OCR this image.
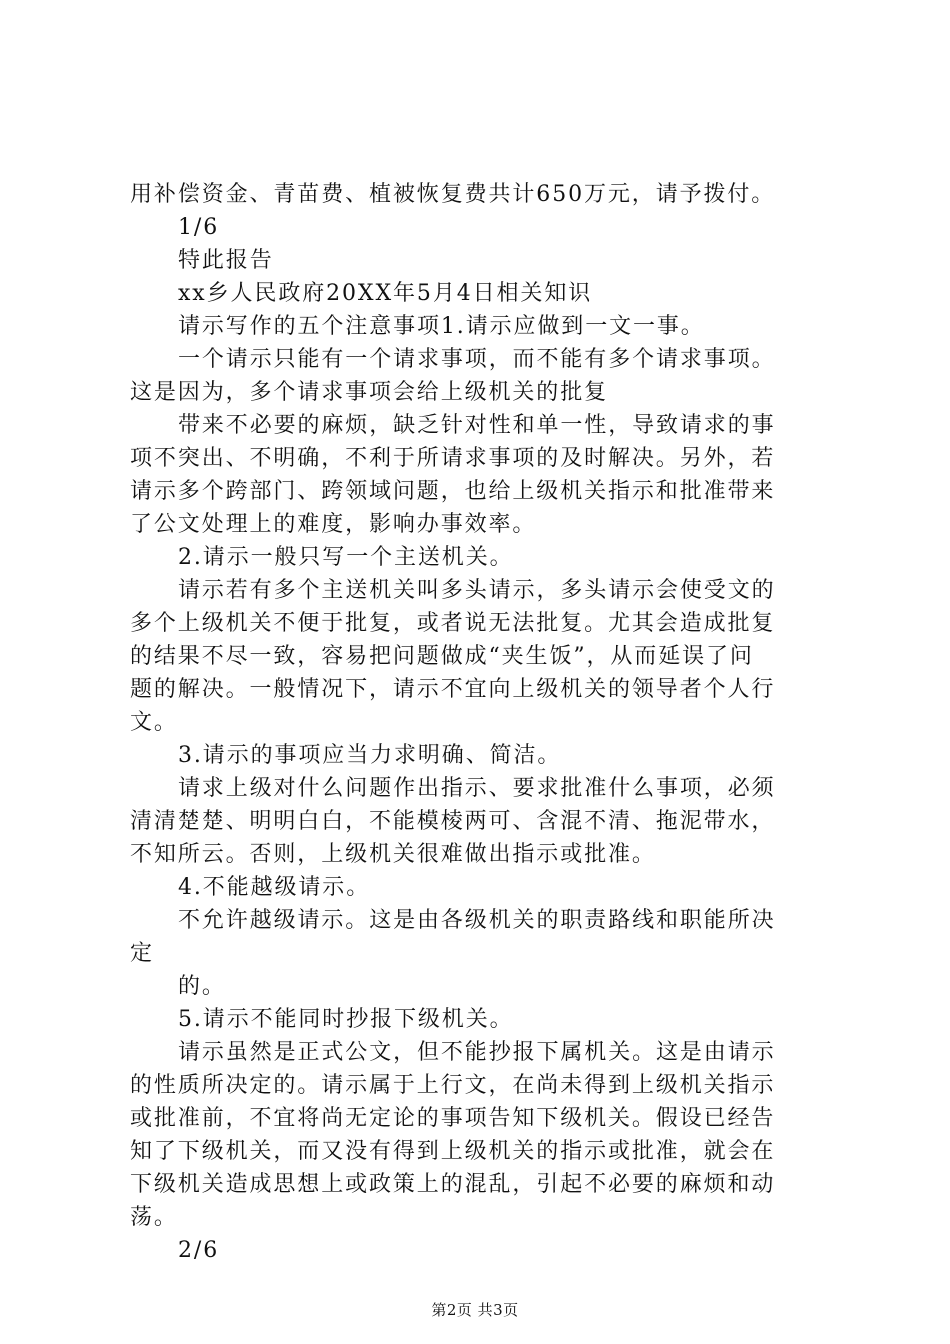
用补偿资金、青苗费、植被恢复费共计650万元，请予拨付。
1/6
特此报告
xx乡人民政府20XX年5月4日相关知识
请示写作的五个注意事项1.请示应做到一文一事。
一个请示只能有一个请求事项，而不能有多个请求事项。
这是因为，多个请求事项会给上级机关的批复
带来不必要的麻烦，缺乏针对性和单一性，导致请求的事
项不突出、不明确，不利于所请求事项的及时解决。另外，若
请示多个跨部门、跨领域问题，也给上级机关指示和批准带来
了公文处理上的难度，影响办事效率。
2.请示一般只写一个主送机关。
请示若有多个主送机关叫多头请示，多头请示会使受文的
多个上级机关不便于批复，或者说无法批复。尤其会造成批复
的结果不尽一致，容易把问题做成“夹生饭”，从而延误了问
题的解决。一般情况下，请示不宜向上级机关的领导者个人行
文。
3.请示的事项应当力求明确、简洁。
请求上级对什么问题作出指示、要求批准什么事项，必须
清清楚楚、明明白白，不能模棱两可、含混不清、拖泥带水，
不知所云。否则，上级机关很难做出指示或批准。
4.不能越级请示。
不允许越级请示。这是由各级机关的职责路线和职能所决
定
的。
5.请示不能同时抄报下级机关。
请示虽然是正式公文，但不能抄报下属机关。这是由请示
的性质所决定的。请示属于上行文，在尚未得到上级机关指示
或批准前，不宜将尚无定论的事项告知下级机关。假设已经告
知了下级机关，而又没有得到上级机关的指示或批准，就会在
下级机关造成思想上或政策上的混乱，引起不必要的麻烦和动
荡。
2/6
第2页 共3页
